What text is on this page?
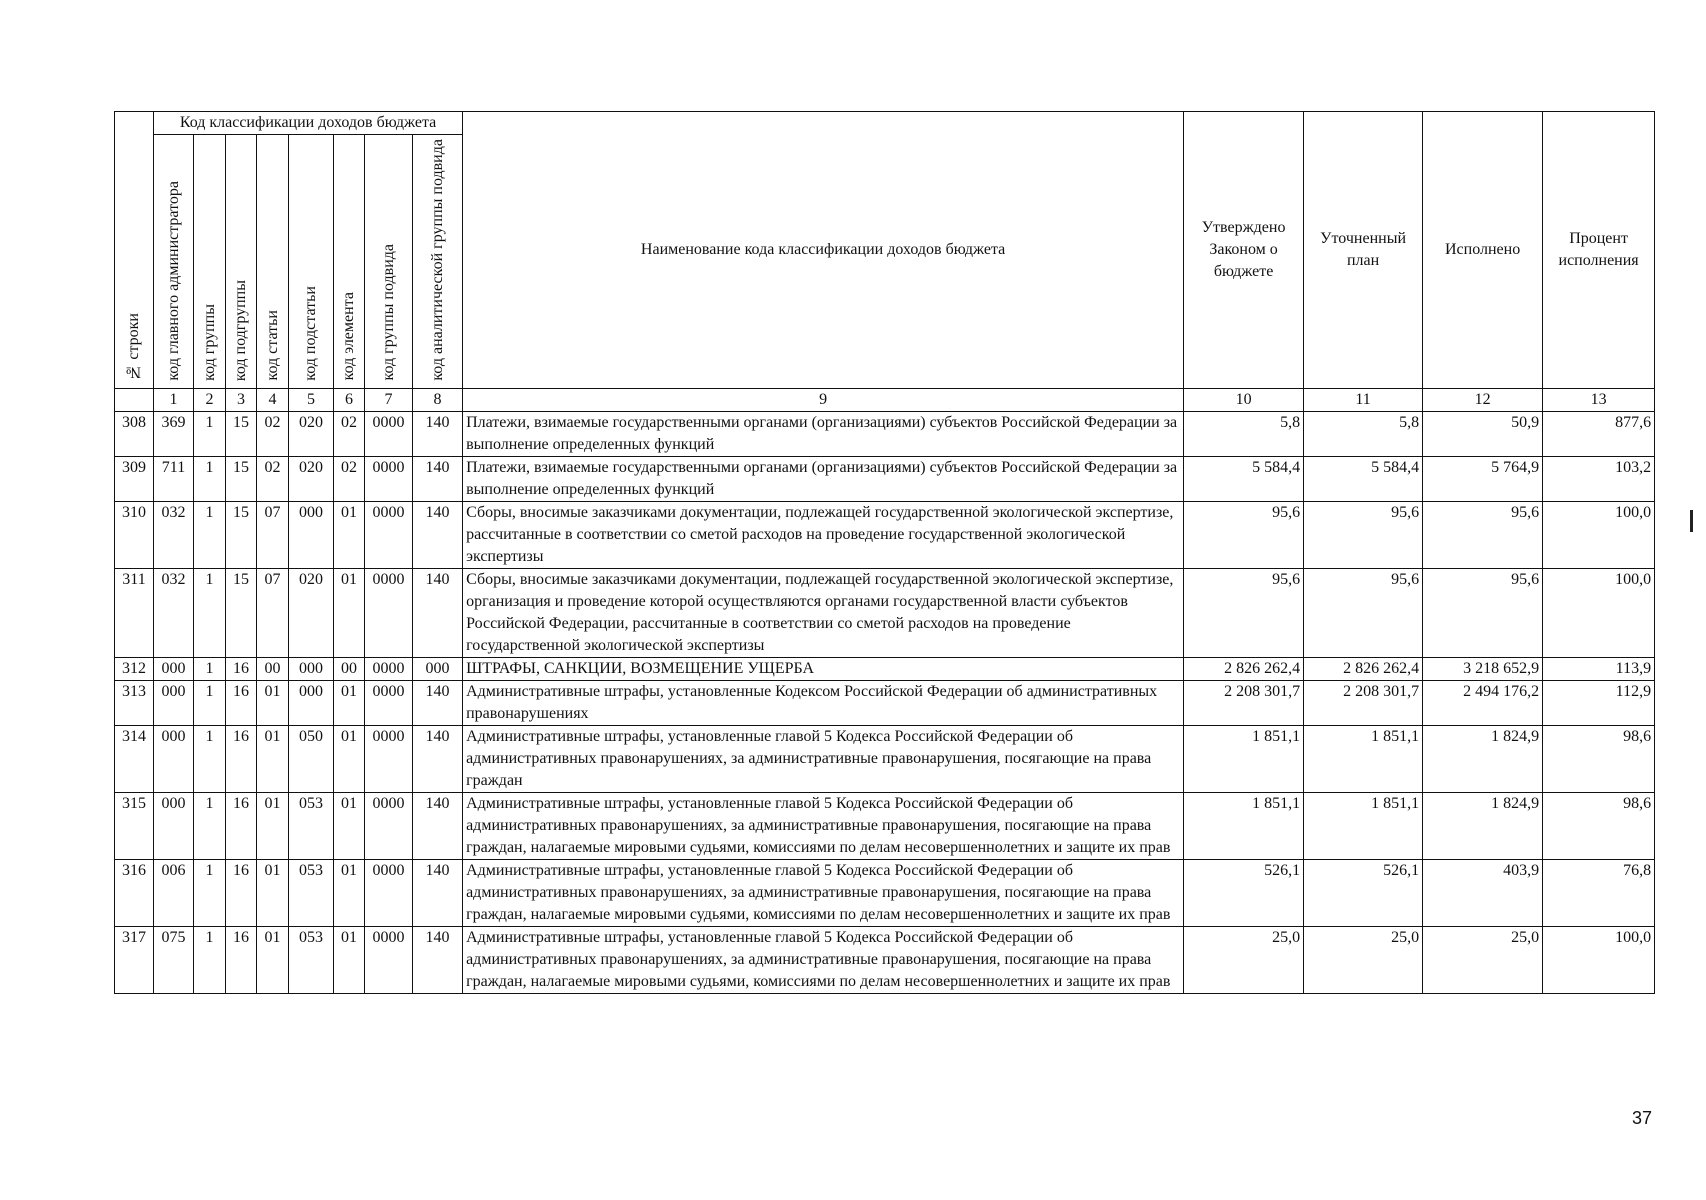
№ строки	Код классификации доходов бюджета								Наименование кода классификации доходов бюджета	Утверждено Законом о бюджете	Уточненный план	Исполнено	Процент исполнения
	код главного администратора	код группы	код подгруппы	код статьи	код подстатьи	код элемента	код группы подвида	код аналитической группы подвида					
	1	2	3	4	5	6	7	8	9	10	11	12	13
308	369	1	15	02	020	02	0000	140	Платежи, взимаемые государственными органами (организациями) субъектов Российской Федерации за выполнение определенных функций	5,8	5,8	50,9	877,6
309	711	1	15	02	020	02	0000	140	Платежи, взимаемые государственными органами (организациями) субъектов Российской Федерации за выполнение определенных функций	5 584,4	5 584,4	5 764,9	103,2
310	032	1	15	07	000	01	0000	140	Сборы, вносимые заказчиками документации, подлежащей государственной экологической экспертизе, рассчитанные в соответствии со сметой расходов на проведение государственной экологической экспертизы	95,6	95,6	95,6	100,0
311	032	1	15	07	020	01	0000	140	Сборы, вносимые заказчиками документации, подлежащей государственной экологической экспертизе, организация и проведение которой осуществляются органами государственной власти субъектов Российской Федерации, рассчитанные в соответствии со сметой расходов на проведение государственной экологической экспертизы	95,6	95,6	95,6	100,0
312	000	1	16	00	000	00	0000	000	ШТРАФЫ, САНКЦИИ, ВОЗМЕЩЕНИЕ УЩЕРБА	2 826 262,4	2 826 262,4	3 218 652,9	113,9
313	000	1	16	01	000	01	0000	140	Административные штрафы, установленные Кодексом Российской Федерации об административных правонарушениях	2 208 301,7	2 208 301,7	2 494 176,2	112,9
314	000	1	16	01	050	01	0000	140	Административные штрафы, установленные главой 5 Кодекса Российской Федерации об административных правонарушениях, за административные правонарушения, посягающие на права граждан	1 851,1	1 851,1	1 824,9	98,6
315	000	1	16	01	053	01	0000	140	Административные штрафы, установленные главой 5 Кодекса Российской Федерации об административных правонарушениях, за административные правонарушения, посягающие на права граждан, налагаемые мировыми судьями, комиссиями по делам несовершеннолетних и защите их прав	1 851,1	1 851,1	1 824,9	98,6
316	006	1	16	01	053	01	0000	140	Административные штрафы, установленные главой 5 Кодекса Российской Федерации об административных правонарушениях, за административные правонарушения, посягающие на права граждан, налагаемые мировыми судьями, комиссиями по делам несовершеннолетних и защите их прав	526,1	526,1	403,9	76,8
317	075	1	16	01	053	01	0000	140	Административные штрафы, установленные главой 5 Кодекса Российской Федерации об административных правонарушениях, за административные правонарушения, посягающие на права граждан, налагаемые мировыми судьями, комиссиями по делам несовершеннолетних и защите их прав	25,0	25,0	25,0	100,0
37
